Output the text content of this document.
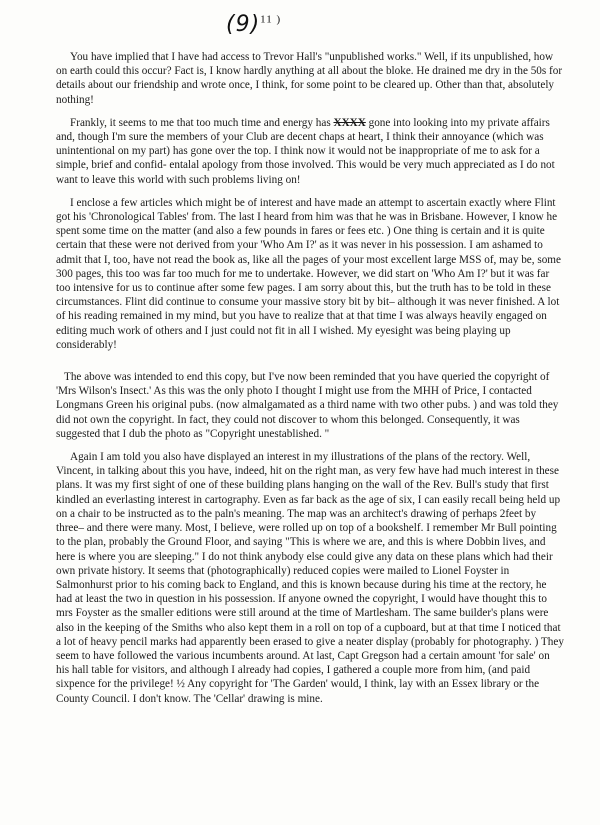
$(9)^{11 )}$

You have implied that I have had access to Trevor Hall's "unpublished works." Well, if its unpublished, how on earth could this occur? Fact is, I know hardly anything at all about the bloke. He drained me dry in the 50s for details about our friendship and wrote once, I think, for some point to be cleared up. Other than that, absolutely nothing!

Frankly, it seems to me that too much time and energy has XXXX gone into looking into my private affairs and, though I'm sure the members of your Club are decent chaps at heart, I think their annoyance (which was unintentional on my part) has gone over the top. I think now it would not be inappropriate of me to ask for a simple, brief and confid- entalal apology from those involved. This would be very much appreciated as I do not want to leave this world with such problems living on!

I enclose a few articles which might be of interest and have made an attempt to ascertain exactly where Flint got his 'Chronological Tables' from. The last I heard from him was that he was in Brisbane. However, I know he spent some time on the matter (and also a few pounds in fares or fees etc. ) One thing is certain and it is quite certain that these were not derived from your 'Who Am I?' as it was never in his possession. I am ashamed to admit that I, too, have not read the book as, like all the pages of your most excellent large MSS of, may be, some 300 pages, this too was far too much for me to undertake. However, we did start on 'Who Am I?' but it was far too intensive for us to continue after some few pages. I am sorry about this, but the truth has to be told in these circumstances. Flint did continue to consume your massive story bit by bit– although it was never finished. A lot of his reading remained in my mind, but you have to realize that at that time I was always heavily engaged on editing much work of others and I just could not fit in all I wished. My eyesight was being playing up considerably!

The above was intended to end this copy, but I've now been reminded that you have queried the copyright of 'Mrs Wilson's Insect.' As this was the only photo I thought I might use from the MHH of Price, I contacted Longmans Green his original pubs. (now almalgamated as a third name with two other pubs. ) and was told they did not own the copyright. In fact, they could not discover to whom this belonged. Consequently, it was suggested that I dub the photo as "Copyright unestablished. "

Again I am told you also have displayed an interest in my illustrations of the plans of the rectory. Well, Vincent, in talking about this you have, indeed, hit on the right man, as very few have had much interest in these plans. It was my first sight of one of these building plans hanging on the wall of the Rev. Bull's study that first kindled an everlasting interest in cartography. Even as far back as the age of six, I can easily recall being held up on a chair to be instructed as to the paln's meaning. The map was an architect's drawing of perhaps 2feet by three– and there were many. Most, I believe, were rolled up on top of a bookshelf. I remember Mr Bull pointing to the plan, probably the Ground Floor, and saying "This is where we are, and this is where Dobbin lives, and here is where you are sleeping." I do not think anybody else could give any data on these plans which had their own private history. It seems that (photographically) reduced copies were mailed to Lionel Foyster in Salmonhurst prior to his coming back to England, and this is known because during his time at the rectory, he had at least the two in question in his possession. If anyone owned the copyright, I would have thought this to mrs Foyster as the smaller editions were still around at the time of Martlesham. The same builder's plans were also in the keeping of the Smiths who also kept them in a roll on top of a cupboard, but at that time I noticed that a lot of heavy pencil marks had apparently been erased to give a neater display (probably for photography. ) They seem to have followed the various incumbents around. At last, Capt Gregson had a certain amount 'for sale' on his hall table for visitors, and although I already had copies, I gathered a couple more from him, (and paid sixpence for the privilege! ½ Any copyright for 'The Garden' would, I think, lay with an Essex library or the County Council. I don't know. The 'Cellar' drawing is mine.
